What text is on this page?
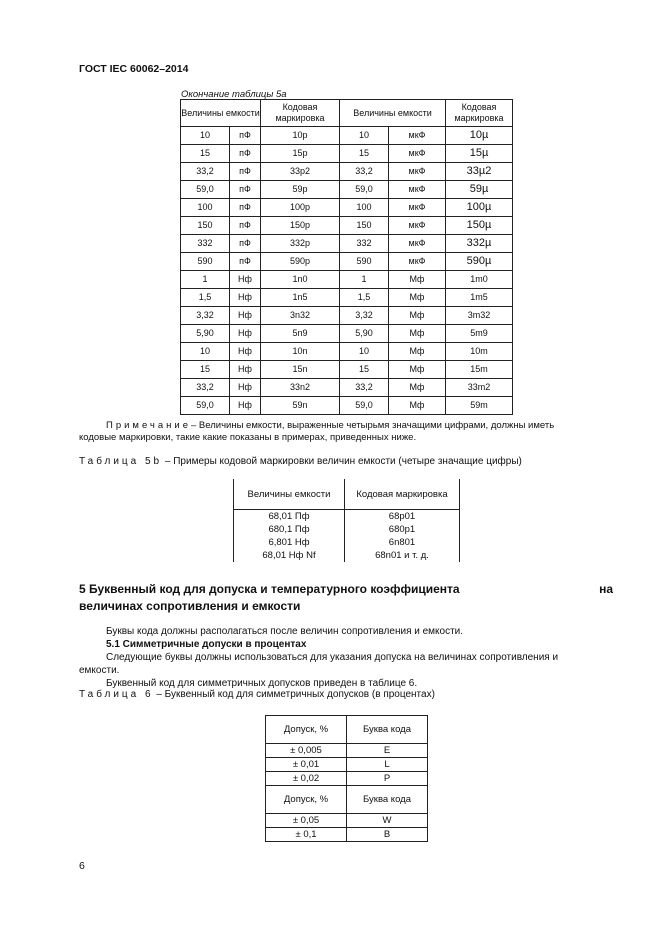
ГОСТ IEC 60062–2014
Окончание таблицы 5а
Величины емкости		Кодовая маркировка	Величины емкости		Кодовая маркировка
10	пФ	10p	10	мкФ	10µ
15	пФ	15p	15	мкФ	15µ
33,2	пФ	33p2	33,2	мкФ	33µ2
59,0	пФ	59p	59,0	мкФ	59µ
100	пФ	100p	100	мкФ	100µ
150	пФ	150p	150	мкФ	150µ
332	пФ	332p	332	мкФ	332µ
590	пФ	590p	590	мкФ	590µ
1	Нф	1n0	1	Мф	1m0
1,5	Нф	1n5	1,5	Мф	1m5
3,32	Нф	3n32	3,32	Мф	3m32
5,90	Нф	5n9	5,90	Мф	5m9
10	Нф	10n	10	Мф	10m
15	Нф	15n	15	Мф	15m
33,2	Нф	33n2	33,2	Мф	33m2
59,0	Нф	59n	59,0	Мф	59m
Примечание– Величины емкости, выраженные четырьмя значащими цифрами, должны иметь
кодовые маркировки, такие какие показаны в примерах, приведенных ниже.
Таблица 5b – Примеры кодовой маркировки величин емкости (четыре значащие цифры)
Величины емкости	Кодовая маркировка
68,01 Пф	68p01
680,1 Пф	680p1
6,801 Нф	6n801
68,01 Нф Nf	68n01 и т. д.
5 Буквенный код для допуска и температурного коэффициента	на
величинах сопротивления и емкости
Буквы кода должны располагаться после величин сопротивления и емкости.
5.1 Симметричные допуски в процентах
Следующие буквы должны использоваться для указания допуска на величинах сопротивления и
емкости.
Буквенный код для симметричных допусков приведен в таблице 6.
Таблица 6 – Буквенный код для симметричных допусков (в процентах)
Допуск, %	Буква кода
± 0,005	E
± 0,01	L
± 0,02	P
Допуск, %	Буква кода
± 0,05	W
± 0,1	B
6
